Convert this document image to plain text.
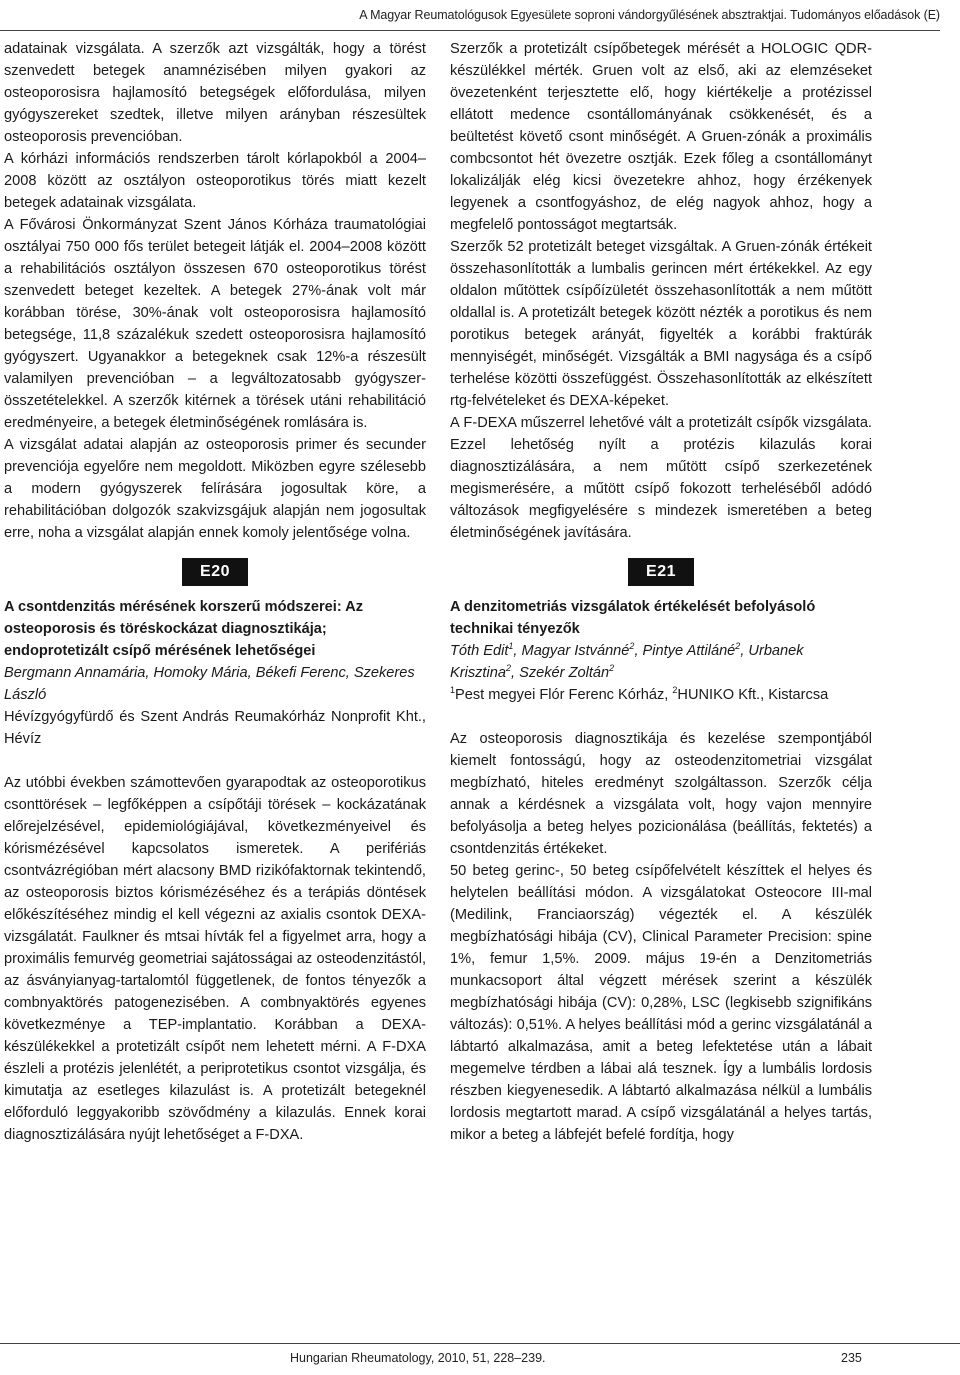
A Magyar Reumatológusok Egyesülete soproni vándorgyűlésének absztraktjai. Tudományos előadások (E)

adatainak vizsgálata. A szerzők azt vizsgálták, hogy a törést szenvedett betegek anamnézisében milyen gyakori az osteoporosisra hajlamosító betegségek előfordulása, milyen gyógyszereket szedtek, illetve milyen arányban részesültek osteoporosis prevencióban.

A kórházi információs rendszerben tárolt kórlapokból a 2004–2008 között az osztályon osteoporotikus törés miatt kezelt betegek adatainak vizsgálata.

A Fővárosi Önkormányzat Szent János Kórháza traumatológiai osztályai 750 000 fős terület betegeit látják el. 2004–2008 között a rehabilitációs osztályon összesen 670 osteoporotikus törést szenvedett beteget kezeltek. A betegek 27%-ának volt már korábban törése, 30%-ának volt osteoporosisra hajlamosító betegsége, 11,8 százalékuk szedett osteoporosisra hajlamosító gyógyszert. Ugyanakkor a betegeknek csak 12%-a részesült valamilyen prevencióban – a legváltozatosabb gyógyszer-összetételekkel. A szerzők kitérnek a törések utáni rehabilitáció eredményeire, a betegek életminőségének romlására is.

A vizsgálat adatai alapján az osteoporosis primer és secunder prevenciója egyelőre nem megoldott. Miközben egyre szélesebb a modern gyógyszerek felírására jogosultak köre, a rehabilitációban dolgozók szakvizsgájuk alapján nem jogosultak erre, noha a vizsgálat alapján ennek komoly jelentősége volna.

E20

A csontdenzitás mérésének korszerű módszerei: Az osteoporosis és töréskockázat diagnosztikája; endoprotetizált csípő mérésének lehetőségei

Bergmann Annamária, Homoky Mária, Békefi Ferenc, Szekeres László

Hévízgyógyfürdő és Szent András Reumakórház Nonprofit Kht., Hévíz

Az utóbbi években számottevően gyarapodtak az osteoporotikus csonttörések – legfőképpen a csípőtáji törések – kockázatának előrejelzésével, epidemiológiájával, következményeivel és kórismézésével kapcsolatos ismeretek. A perifériás csontvázrégióban mért alacsony BMD rizikófaktornak tekintendő, az osteoporosis biztos kórismézéséhez és a terápiás döntések előkészítéséhez mindig el kell végezni az axialis csontok DEXA-vizsgálatát. Faulkner és mtsai hívták fel a figyelmet arra, hogy a proximális femurvég geometriai sajátosságai az osteodenzitástól, az ásványianyag-tartalomtól függetlenek, de fontos tényezők a combnyaktörés patogenezisében. A combnyaktörés egyenes következménye a TEP-implantatio. Korábban a DEXA-készülékekkel a protetizált csípőt nem lehetett mérni. A F-DXA észleli a protézis jelenlétét, a periprotetikus csontot vizsgálja, és kimutatja az esetleges kilazulást is. A protetizált betegeknél előforduló leggyakoribb szövődmény a kilazulás. Ennek korai diagnosztizálására nyújt lehetőséget a F-DXA.

Szerzők a protetizált csípőbetegek mérését a HOLOGIC QDR-készülékkel mérték. Gruen volt az első, aki az elemzéseket övezetenként terjesztette elő, hogy kiértékelje a protézissel ellátott medence csontállományának csökkenését, és a beültetést követő csont minőségét. A Gruen-zónák a proximális combcsontot hét övezetre osztják. Ezek főleg a csontállományt lokalizálják elég kicsi övezetekre ahhoz, hogy érzékenyek legyenek a csontfogyáshoz, de elég nagyok ahhoz, hogy a megfelelő pontosságot megtartsák.

Szerzők 52 protetizált beteget vizsgáltak. A Gruen-zónák értékeit összehasonlították a lumbalis gerincen mért értékekkel. Az egy oldalon műtöttek csípőízületét összehasonlították a nem műtött oldallal is. A protetizált betegek között nézték a porotikus és nem porotikus betegek arányát, figyelték a korábbi fraktúrák mennyiségét, minőségét. Vizsgálták a BMI nagysága és a csípő terhelése közötti összefüggést. Összehasonlították az elkészített rtg-felvételeket és DEXA-képeket.

A F-DEXA műszerrel lehetővé vált a protetizált csípők vizsgálata. Ezzel lehetőség nyílt a protézis kilazulás korai diagnosztizálására, a nem műtött csípő szerkezetének megismerésére, a műtött csípő fokozott terheléséből adódó változások megfigyelésére s mindezek ismeretében a beteg életminőségének javítására.

E21

A denzitometriás vizsgálatok értékelését befolyásoló technikai tényezők

Tóth Edit$^1$, Magyar Istvánné$^2$, Pintye Attiláné$^2$, Urbanek Krisztina$^2$, Szekér Zoltán$^2$

$^1$Pest megyei Flór Ferenc Kórház, $^2$HUNIKO Kft., Kistarcsa

Az osteoporosis diagnosztikája és kezelése szempontjából kiemelt fontosságú, hogy az osteodenzitometriai vizsgálat megbízható, hiteles eredményt szolgáltasson. Szerzők célja annak a kérdésnek a vizsgálata volt, hogy vajon mennyire befolyásolja a beteg helyes pozicionálása (beállítás, fektetés) a csontdenzitás értékeket.

50 beteg gerinc-, 50 beteg csípőfelvételt készíttek el helyes és helytelen beállítási módon. A vizsgálatokat Osteocore III-mal (Medilink, Franciaország) végezték el. A készülék megbízhatósági hibája (CV), Clinical Parameter Precision: spine 1%, femur 1,5%. 2009. május 19-én a Denzitometriás munkacsoport által végzett mérések szerint a készülék megbízhatósági hibája (CV): 0,28%, LSC (legkisebb szignifikáns változás): 0,51%. A helyes beállítási mód a gerinc vizsgálatánál a lábtartó alkalmazása, amit a beteg lefektetése után a lábait megemelve térdben a lábai alá tesznek. Így a lumbális lordosis részben kiegyenesedik. A lábtartó alkalmazása nélkül a lumbális lordosis megtartott marad. A csípő vizsgálatánál a helyes tartás, mikor a beteg a lábfejét befelé fordítja, hogy

Hungarian Rheumatology, 2010, 51, 228–239.	235
